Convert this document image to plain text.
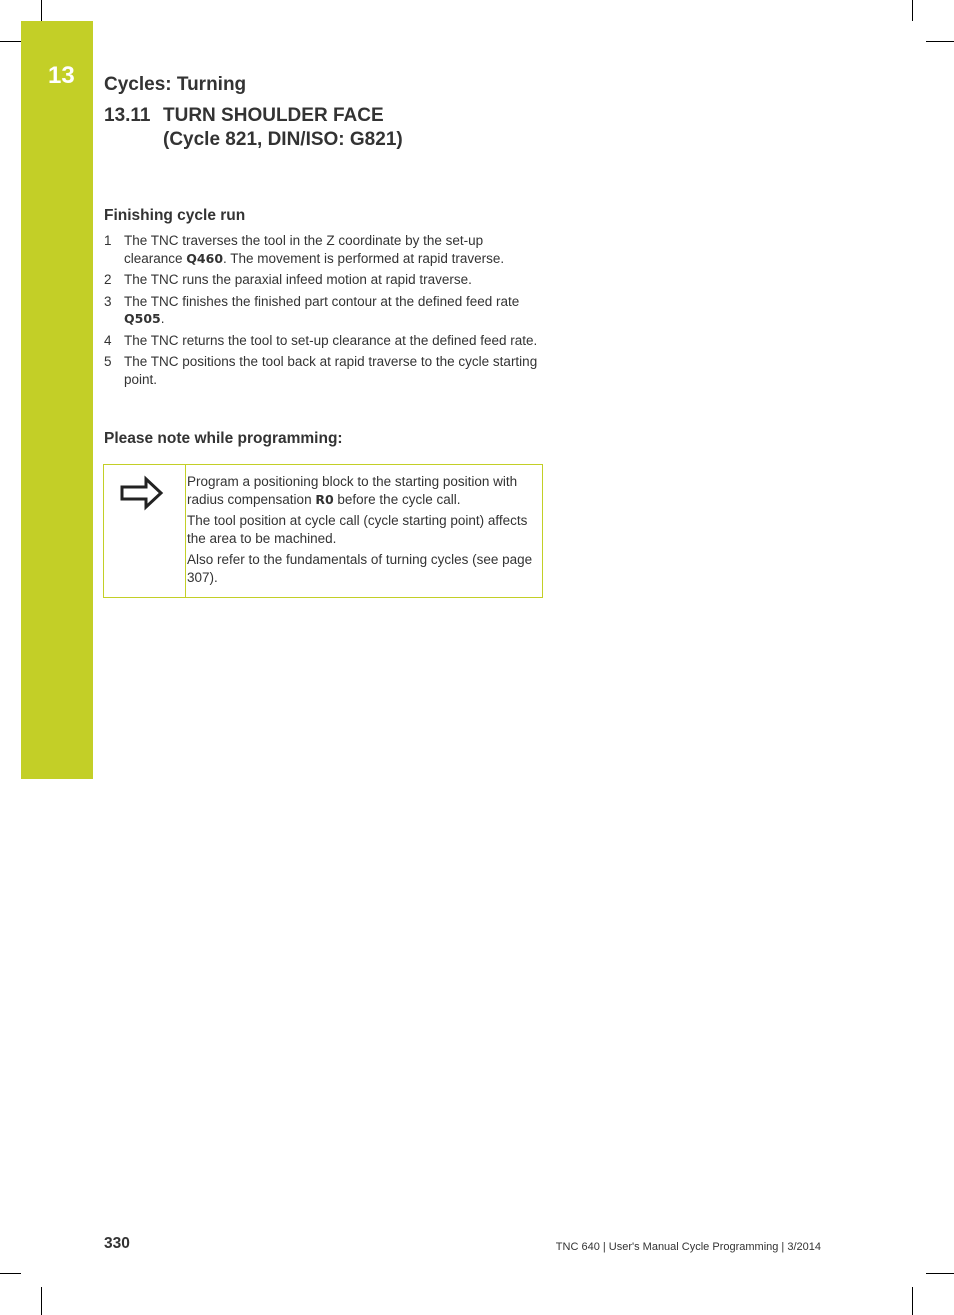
13	Cycles: Turning
13.11 TURN SHOULDER FACE
(Cycle 821, DIN/ISO: G821)
Finishing cycle run
1 The TNC traverses the tool in the Z coordinate by the set-up clearance Q460. The movement is performed at rapid traverse.
2 The TNC runs the paraxial infeed motion at rapid traverse.
3 The TNC finishes the finished part contour at the defined feed rate Q505.
4 The TNC returns the tool to set-up clearance at the defined feed rate.
5 The TNC positions the tool back at rapid traverse to the cycle starting point.
Please note while programming:

Program a positioning block to the starting position with radius compensation R0 before the cycle call.

The tool position at cycle call (cycle starting point) affects the area to be machined.

Also refer to the fundamentals of turning cycles (see page 307).

330	TNC 640 | User's Manual Cycle Programming | 3/2014
